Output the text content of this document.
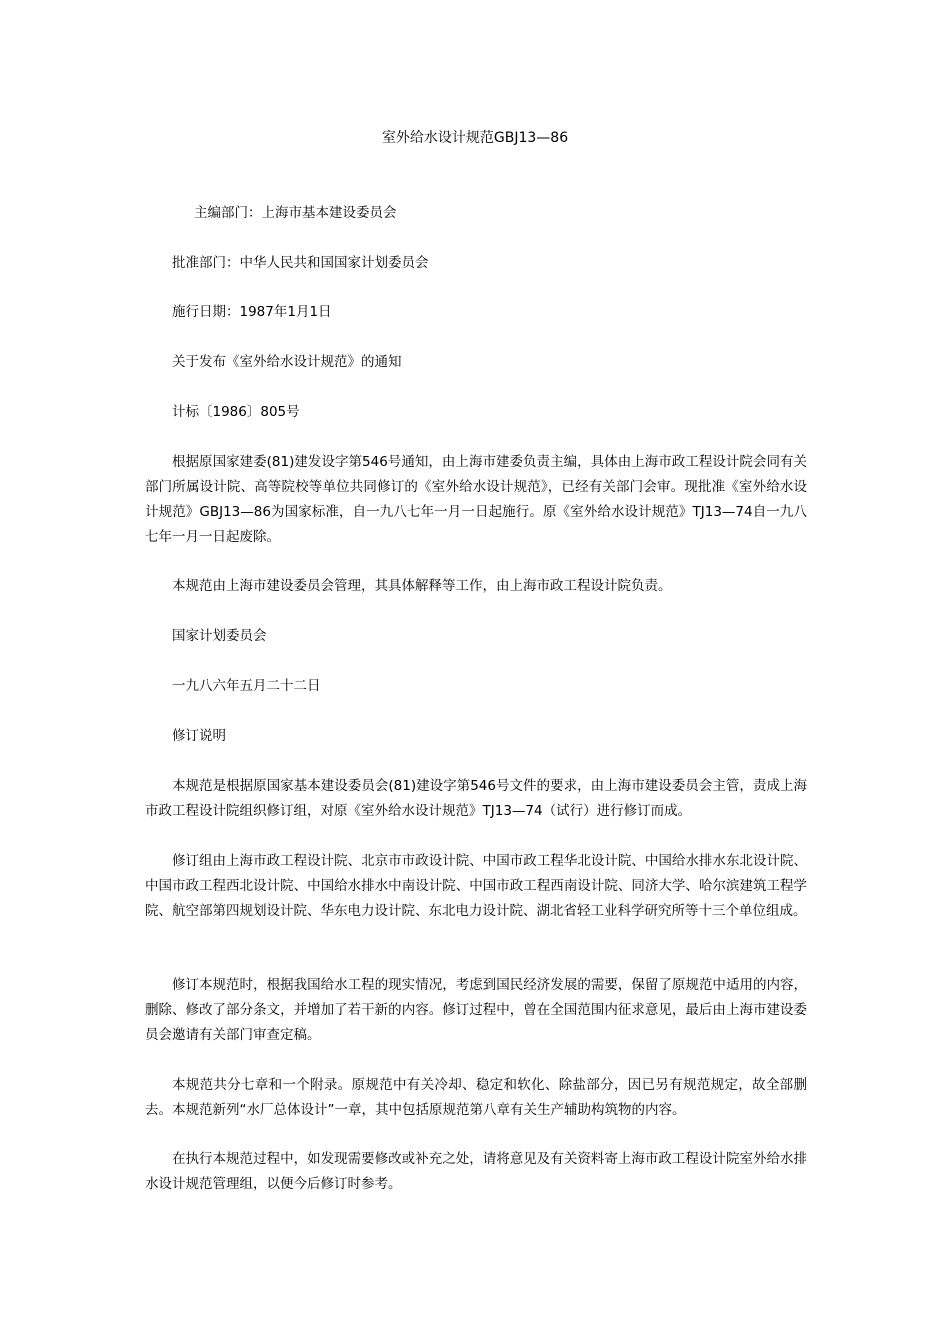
室外给水设计规范GBJ13—86
主编部门：上海市基本建设委员会
批准部门：中华人民共和国国家计划委员会
施行日期：1987年1月1日
关于发布《室外给水设计规范》的通知
计标〔1986〕805号
根据原国家建委(81)建发设字第546号通知，由上海市建委负责主编，具体由上海市政工程设计院会同有关部门所属设计院、高等院校等单位共同修订的《室外给水设计规范》，已经有关部门会审。现批准《室外给水设计规范》GBJ13—86为国家标准，自一九八七年一月一日起施行。原《室外给水设计规范》TJ13—74自一九八七年一月一日起废除。
本规范由上海市建设委员会管理，其具体解释等工作，由上海市政工程设计院负责。
国家计划委员会
一九八六年五月二十二日
修订说明
本规范是根据原国家基本建设委员会(81)建设字第546号文件的要求，由上海市建设委员会主管，责成上海市政工程设计院组织修订组，对原《室外给水设计规范》TJ13—74（试行）进行修订而成。
修订组由上海市政工程设计院、北京市市政设计院、中国市政工程华北设计院、中国给水排水东北设计院、中国市政工程西北设计院、中国给水排水中南设计院、中国市政工程西南设计院、同济大学、哈尔滨建筑工程学院、航空部第四规划设计院、华东电力设计院、东北电力设计院、湖北省轻工业科学研究所等十三个单位组成。
修订本规范时，根据我国给水工程的现实情况，考虑到国民经济发展的需要，保留了原规范中适用的内容，删除、修改了部分条文，并增加了若干新的内容。修订过程中，曾在全国范围内征求意见，最后由上海市建设委员会邀请有关部门审查定稿。
本规范共分七章和一个附录。原规范中有关冷却、稳定和软化、除盐部分，因已另有规范规定，故全部删去。本规范新列“水厂总体设计”一章，其中包括原规范第八章有关生产辅助构筑物的内容。
在执行本规范过程中，如发现需要修改或补充之处，请将意见及有关资料寄上海市政工程设计院室外给水排水设计规范管理组，以便今后修订时参考。
